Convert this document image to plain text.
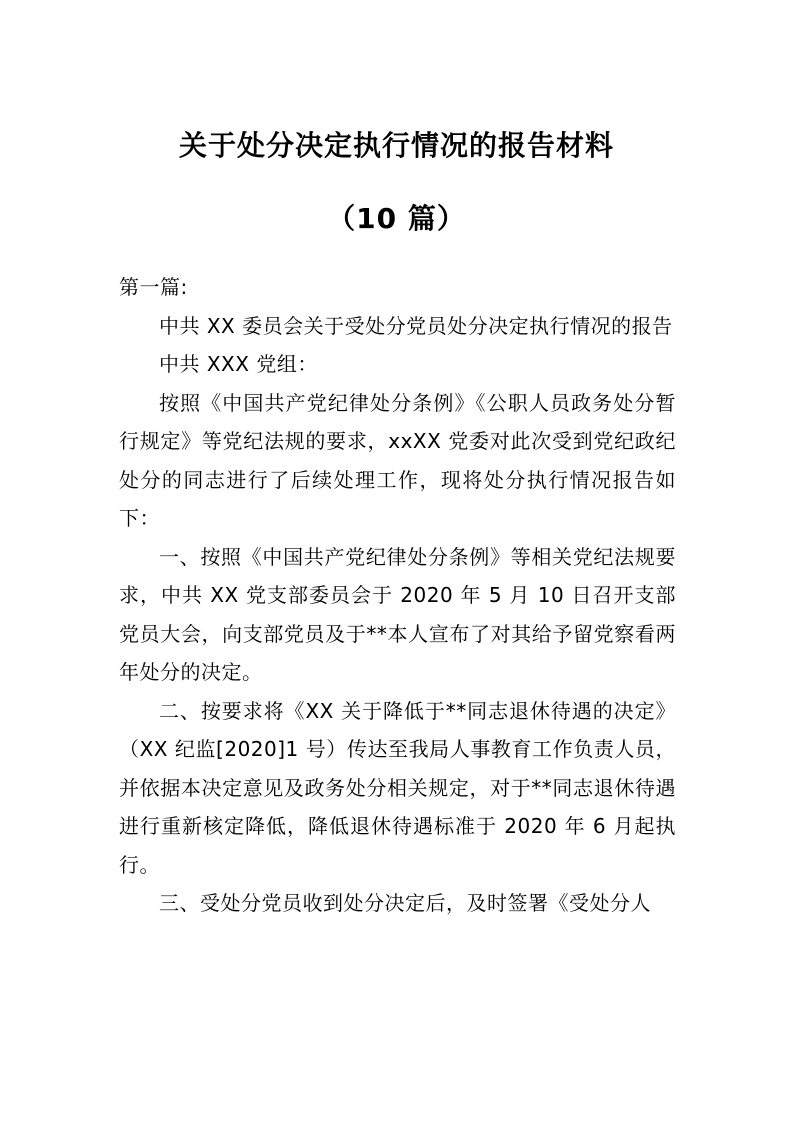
关于处分决定执行情况的报告材料
（10 篇）

第一篇:

中共 XX 委员会关于受处分党员处分决定执行情况的报告

中共 XXX 党组：

按照《中国共产党纪律处分条例》《公职人员政务处分暂行规定》等党纪法规的要求，xxXX 党委对此次受到党纪政纪处分的同志进行了后续处理工作，现将处分执行情况报告如下：

一、按照《中国共产党纪律处分条例》等相关党纪法规要求，中共 XX 党支部委员会于 2020 年 5 月 10 日召开支部党员大会，向支部党员及于**本人宣布了对其给予留党察看两年处分的决定。

二、按要求将《XX 关于降低于**同志退休待遇的决定》（XX 纪监[2020]1 号）传达至我局人事教育工作负责人员，并依据本决定意见及政务处分相关规定，对于**同志退休待遇进行重新核定降低，降低退休待遇标准于 2020 年 6 月起执行。

三、受处分党员收到处分决定后，及时签署《受处分人
